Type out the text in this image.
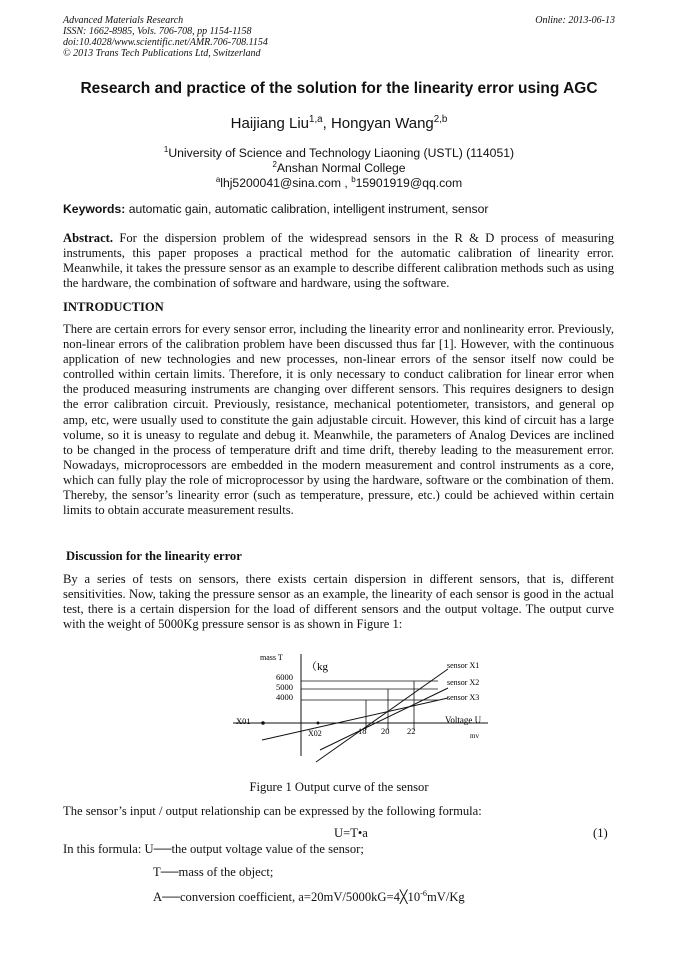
Advanced Materials Research
ISSN: 1662-8985, Vols. 706-708, pp 1154-1158
doi:10.4028/www.scientific.net/AMR.706-708.1154
© 2013 Trans Tech Publications Ltd, Switzerland
Online: 2013-06-13
Research and practice of the solution for the linearity error using AGC
Haijiang Liu$^{1,a}$, Hongyan Wang$^{2,b}$
$^1$University of Science and Technology Liaoning (USTL) (114051)
$^2$Anshan Normal College
$^a$lhj5200041@sina.com , $^b$15901919@qq.com
Keywords: automatic gain, automatic calibration, intelligent instrument, sensor
Abstract. For the dispersion problem of the widespread sensors in the R & D process of measuring instruments, this paper proposes a practical method for the automatic calibration of linearity error. Meanwhile, it takes the pressure sensor as an example to describe different calibration methods such as using the hardware, the combination of software and hardware, using the software.
INTRODUCTION
There are certain errors for every sensor error, including the linearity error and nonlinearity error. Previously, non-linear errors of the calibration problem have been discussed thus far [1]. However, with the continuous application of new technologies and new processes, non-linear errors of the sensor itself now could be controlled within certain limits. Therefore, it is only necessary to conduct calibration for linear error when the produced measuring instruments are changing over different sensors. This requires designers to design the error calibration circuit. Previously, resistance, mechanical potentiometer, transistors, and general op amp, etc, were usually used to constitute the gain adjustable circuit. However, this kind of circuit has a large volume, so it is uneasy to regulate and debug it. Meanwhile, the parameters of Analog Devices are inclined to be changed in the process of temperature drift and time drift, thereby leading to the measurement error. Nowadays, microprocessors are embedded in the modern measurement and control instruments as a core, which can fully play the role of microprocessor by using the hardware, software or the combination of them. Thereby, the sensor’s linearity error (such as temperature, pressure, etc.) could be achieved within certain limits to obtain accurate measurement results.
Discussion for the linearity error
By a series of tests on sensors, there exists certain dispersion in different sensors, that is, different sensitivities. Now, taking the pressure sensor as an example, the linearity of each sensor is good in the actual test, there is a certain dispersion for the load of different sensors and the output voltage. The output curve with the weight of 5000Kg pressure sensor is as shown in Figure 1:
mass T
（kg
6000
5000
4000
sensor X1
sensor X2
sensor X3
X01
X02	18 20 22
Voltage U
mv
Figure 1 Output curve of the sensor
The sensor’s input / output relationship can be expressed by the following formula:
U=T•a	(1)
In this formula: U──the output voltage value of the sensor;
T──mass of the object;
A──conversion coefficient, $a=20mV/5000kG=4╳10^{-6}mV/Kg$
